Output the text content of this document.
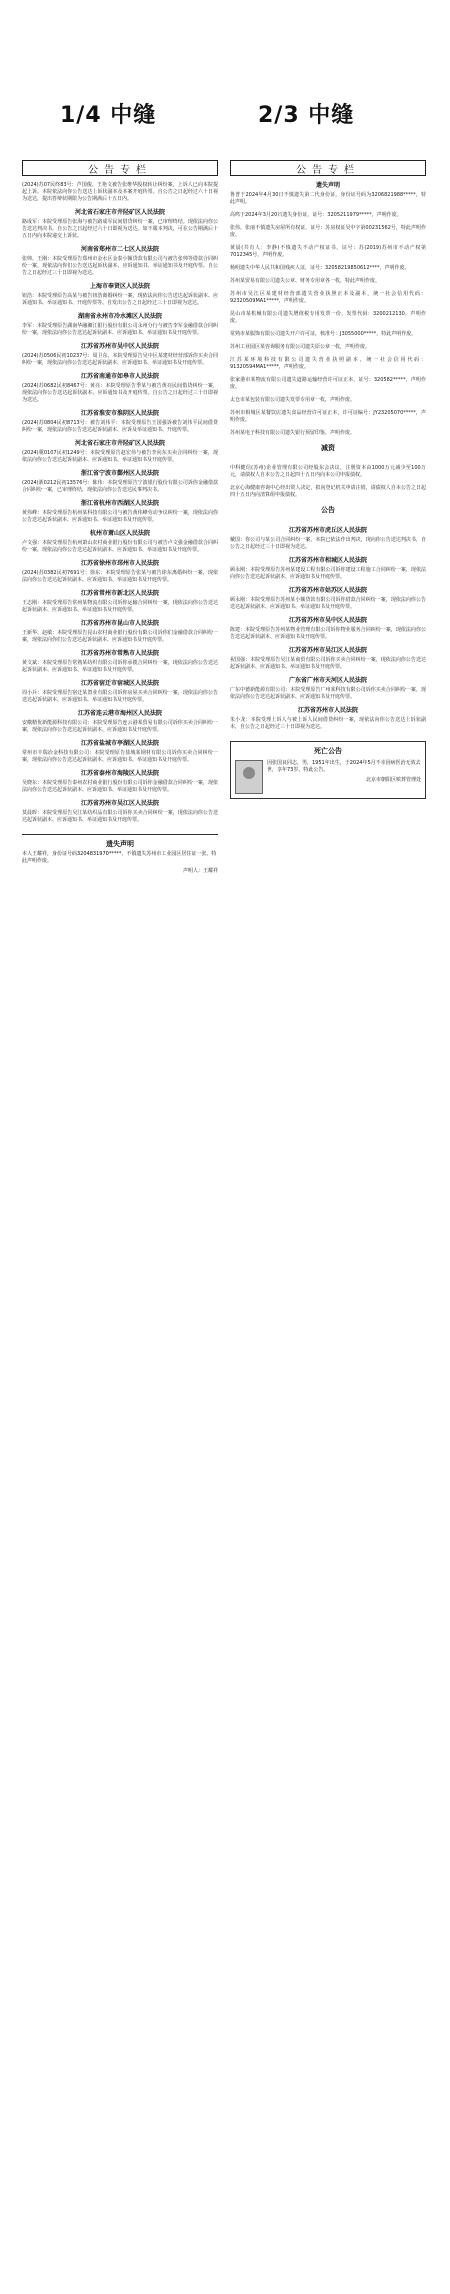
1/4 中缝	2/3 中缝
公告专栏

(2024)苏07民终83号：芦国俊、王艳文被告张维华股权转让纠纷案，上诉人已向本院提起上诉。本院依法向你公告送达上诉状副本及本案开庭传票。自公告之日起经过六十日视为送达，提出答辩状期限为公告期满后十五日内。

河北省石家庄市井陉矿区人民法院

路成军：本院受理原告张海与被告路成军民间借贷纠纷一案，已审理终结。现依法向你公告送达判决书。自公告之日起经过六十日即视为送达。如不服本判决，可在公告期满后十五日内向本院递交上诉状。

河南省郑州市二七区人民法院

张帅、王刚：本院受理原告郑州市金水区金泰小额贷款有限公司与被告张帅等借款合同纠纷一案，现依法向你们公告送达起诉状副本、应诉通知书、举证通知书及开庭传票。自公告之日起经过三十日即视为送达。

上海市奉贤区人民法院

钮浩：本院受理原告高某与被告钮浩离婚纠纷一案，现依法向你公告送达起诉状副本、应诉通知书、举证通知书、开庭传票等。自发出公告之日起经过三十日即视为送达。

湖南省永州市冷水滩区人民法院

李军：本院受理原告湖南华融湘江银行股份有限公司永州分行与被告李军金融借款合同纠纷一案，现依法向你公告送达起诉状副本、应诉通知书、举证通知书及开庭传票。

江苏省苏州市吴中区人民法院

(2024)苏0506民初10237号：周卫东，本院受理原告吴中区某建材经营部诉你买卖合同纠纷一案，现依法向你公告送达起诉状副本、应诉通知书、举证通知书及开庭传票。

江苏省南通市如皋市人民法院

(2024)苏0682民初8467号：黄亮：本院受理原告季某与被告黄亮民间借贷纠纷一案，现依法向你公告送达起诉状副本、应诉通知书及开庭传票。自公告之日起经过三十日即视为送达。

江苏省淮安市淮阴区人民法院

(2024)苏0804民初8713号：被告刘伟平：本院受理原告王国强诉被告刘伟平民间借贷纠纷一案，现依法向你公告送达起诉状副本、应诉及举证通知书、开庭传票。

河北省石家庄市井陉矿区人民法院

(2024)冀0107民初1249号：本院受理原告赵宏伟与被告李向东买卖合同纠纷一案，现依法向你公告送达起诉状副本、应诉通知书、举证通知书及开庭传票。

浙江省宁波市鄞州区人民法院

(2024)浙0212民初13576号：陈伟：本院受理原告宁波银行股份有限公司诉你金融借款合同纠纷一案，已审理终结，现依法向你公告送达民事判决书。

浙江省杭州市西湖区人民法院

黄伟峰：本院受理原告杭州某科技有限公司与被告黄伟峰劳动争议纠纷一案，现依法向你公告送达起诉状副本、应诉通知书、举证通知书及开庭传票。

杭州市萧山区人民法院

卢文强：本院受理原告杭州萧山农村商业银行股份有限公司与被告卢文强金融借款合同纠纷一案，现依法向你公告送达起诉状副本、应诉通知书、举证通知书及开庭传票。

江苏省徐州市邳州市人民法院

(2024)苏0382民初7691号：徐东：本院受理原告张某与被告徐东离婚纠纷一案，现依法向你公告送达起诉状副本、应诉通知书、举证通知书及开庭传票。

江苏省常州市新北区人民法院

王志刚：本院受理原告常州某物流有限公司诉你运输合同纠纷一案，现依法向你公告送达起诉状副本、应诉通知书、举证通知书及开庭传票。

江苏省苏州市昆山市人民法院

王新华、赵敏：本院受理原告昆山农村商业银行股份有限公司诉你们金融借款合同纠纷一案，现依法向你们公告送达起诉状副本、应诉通知书及开庭传票。

江苏省苏州市常熟市人民法院

黄文斌：本院受理原告常熟某纺织有限公司诉你承揽合同纠纷一案，现依法向你公告送达起诉状副本、应诉通知书、举证通知书及开庭传票。

江苏省宿迁市宿城区人民法院

周小兵：本院受理原告宿迁某置业有限公司诉你房屋买卖合同纠纷一案，现依法向你公告送达起诉状副本、应诉通知书、举证通知书及开庭传票。

江苏省连云港市海州区人民法院

安徽精优新能源科技有限公司：本院受理原告连云港某贸易有限公司诉你买卖合同纠纷一案，现依法向你公告送达起诉状副本、应诉通知书及开庭传票。

江苏省盐城市亭湖区人民法院

常州市丰瑞冶金科技有限公司：本院受理原告盐城某钢材有限公司诉你买卖合同纠纷一案，现依法向你公告送达起诉状副本、应诉通知书、举证通知书及开庭传票。

江苏省泰州市海陵区人民法院

吴晓东：本院受理原告泰州农村商业银行股份有限公司诉你金融借款合同纠纷一案，现依法向你公告送达起诉状副本、应诉通知书、举证通知书及开庭传票。

江苏省苏州市吴江区人民法院

莫晨晖：本院受理原告吴江某纺织品有限公司诉你买卖合同纠纷一案，现依法向你公告送达起诉状副本、应诉通知书、举证通知书及开庭传票。

遗失声明

本人王耀祥，身份证号码3204831970*****，不慎遗失苏州市工业园区居住证一张，特此声明作废。

声明人：王耀祥
公告专栏
遗失声明

鲁普于2024年4月30日不慎遗失第二代身份证，身份证号码为3206821988*****，特此声明。

高鸣于2024年3月20日遗失身份证，证号：3205211979*****，声明作废。

张伟、张丽不慎遗失房屋所有权证，证号：苏房权证吴中字第00231562号，特此声明作废。

黄晨(共有人：李静)不慎遗失不动产权证书，证号：苏(2019)苏州市不动产权第7012345号，声明作废。

杨明遗失中华人民共和国残疾人证，证号：32058219850612****，声明作废。

苏州某贸易有限公司遗失公章、财务专用章各一枚，特此声明作废。

苏州市吴江区某建材经营部遗失营业执照正本及副本，统一社会信用代码：92320509MA1*****，声明作废。

昆山市某机械有限公司遗失增值税专用发票一份，发票代码：3200212130，声明作废。

常熟市某服饰有限公司遗失开户许可证，核准号：J3055000*****，特此声明作废。

苏州工业园区某咨询服务有限公司遗失原公章一枚，声明作废。

江苏某环境科技有限公司遗失营业执照副本，统一社会信用代码：91320594MA1*****，声明作废。

张家港市某物流有限公司遗失道路运输经营许可证正本，证号：320582*****，声明作废。

太仓市某包装有限公司遗失发票专用章一枚，声明作废。

苏州市相城区某餐饮店遗失食品经营许可证正本，许可证编号：JY23205070*****，声明作废。

苏州某电子科技有限公司遗失银行预留印鉴，声明作废。

减资

中科健信(苏州)企业管理有限公司经股东会决议，注册资本由1000万元减少至100万元，请债权人自本公告之日起四十五日内向本公司申报债权。

北京心海健康咨询中心经出资人决定，拟向登记机关申请注销，请债权人自本公告之日起四十五日内向清算组申报债权。

公告
江苏省苏州市虎丘区人民法院

戴国：你公司与某公司合同纠纷一案，本院已依法作出判决，现向你公告送达判决书，自公告之日起经过三十日即视为送达。

江苏省苏州市相城区人民法院

顾永刚：本院受理原告苏州某建设工程有限公司诉你建设工程施工合同纠纷一案，现依法向你公告送达起诉状副本、应诉通知书及开庭传票。

江苏省苏州市姑苏区人民法院

顾永刚：本院受理原告苏州某小额贷款有限公司诉你借款合同纠纷一案，现依法向你公告送达起诉状副本、应诉通知书、举证通知书及开庭传票。

江苏省苏州市吴中区人民法院

陈建：本院受理原告苏州某物业管理有限公司诉你物业服务合同纠纷一案，现依法向你公告送达起诉状副本、应诉通知书及开庭传票。

江苏省苏州市吴江区人民法院

祝国强：本院受理原告吴江某商贸有限公司诉你买卖合同纠纷一案，现依法向你公告送达起诉状副本、应诉通知书、举证通知书及开庭传票。

广东省广州市天河区人民法院

广东中德新能源有限公司：本院受理原告广州某科技有限公司诉你买卖合同纠纷一案，现依法向你公告送达起诉状副本、应诉通知书及开庭传票。

江苏省苏州市人民法院

朱小龙：本院受理上诉人与被上诉人民间借贷纠纷一案，现依法向你公告送达上诉状副本，自公告之日起经过三十日即视为送达。

死亡公告

因张国良同志，男，1951年出生，于2024年5月不幸因病医治无效去世，享年73岁。特此公告。

北京市朝阳区殡葬管理处
